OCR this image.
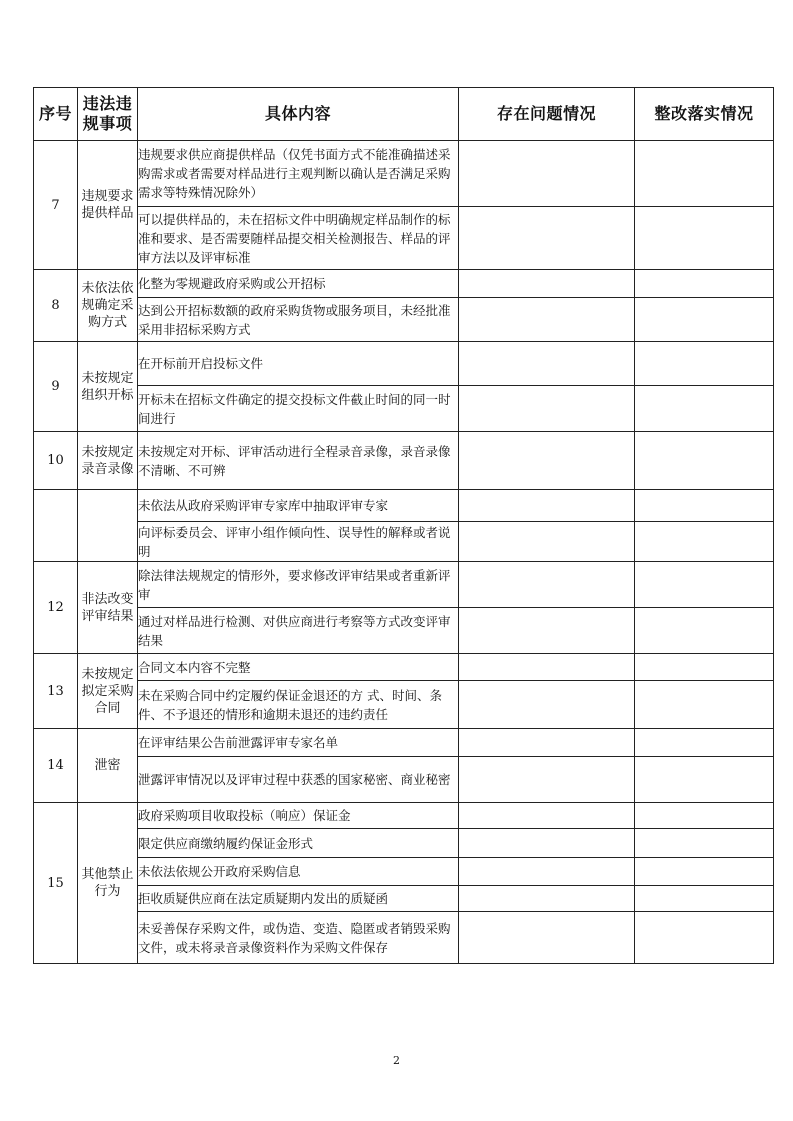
序号	违法违规事项	具体内容	存在问题情况	整改落实情况
7	违规要求提供样品	违规要求供应商提供样品（仅凭书面方式不能准确描述采购需求或者需要对样品进行主观判断以确认是否满足采购需求等特殊情况除外）		
		可以提供样品的，未在招标文件中明确规定样品制作的标准和要求、是否需要随样品提交相关检测报告、样品的评审方法以及评审标准		
8	未依法依规确定采购方式	化整为零规避政府采购或公开招标		
		达到公开招标数额的政府采购货物或服务项目，未经批准采用非招标采购方式		
9	未按规定组织开标	在开标前开启投标文件		
		开标未在招标文件确定的提交投标文件截止时间的同一时间进行		
10	未按规定录音录像	未按规定对开标、评审活动进行全程录音录像，录音录像不清晰、不可辨		
		未依法从政府采购评审专家库中抽取评审专家		
		向评标委员会、评审小组作倾向性、误导性的解释或者说明		
12	非法改变评审结果	除法律法规规定的情形外，要求修改评审结果或者重新评审		
		通过对样品进行检测、对供应商进行考察等方式改变评审结果		
13	未按规定拟定采购合同	合同文本内容不完整		
		未在采购合同中约定履约保证金退还的方 式、时间、条件、不予退还的情形和逾期未退还的违约责任		
14	泄密	在评审结果公告前泄露评审专家名单		
		泄露评审情况以及评审过程中获悉的国家秘密、商业秘密		
15	其他禁止行为	政府采购项目收取投标（响应）保证金		
		限定供应商缴纳履约保证金形式		
		未依法依规公开政府采购信息		
		拒收质疑供应商在法定质疑期内发出的质疑函		
		未妥善保存采购文件，或伪造、变造、隐匿或者销毁采购文件，或未将录音录像资料作为采购文件保存		
2
